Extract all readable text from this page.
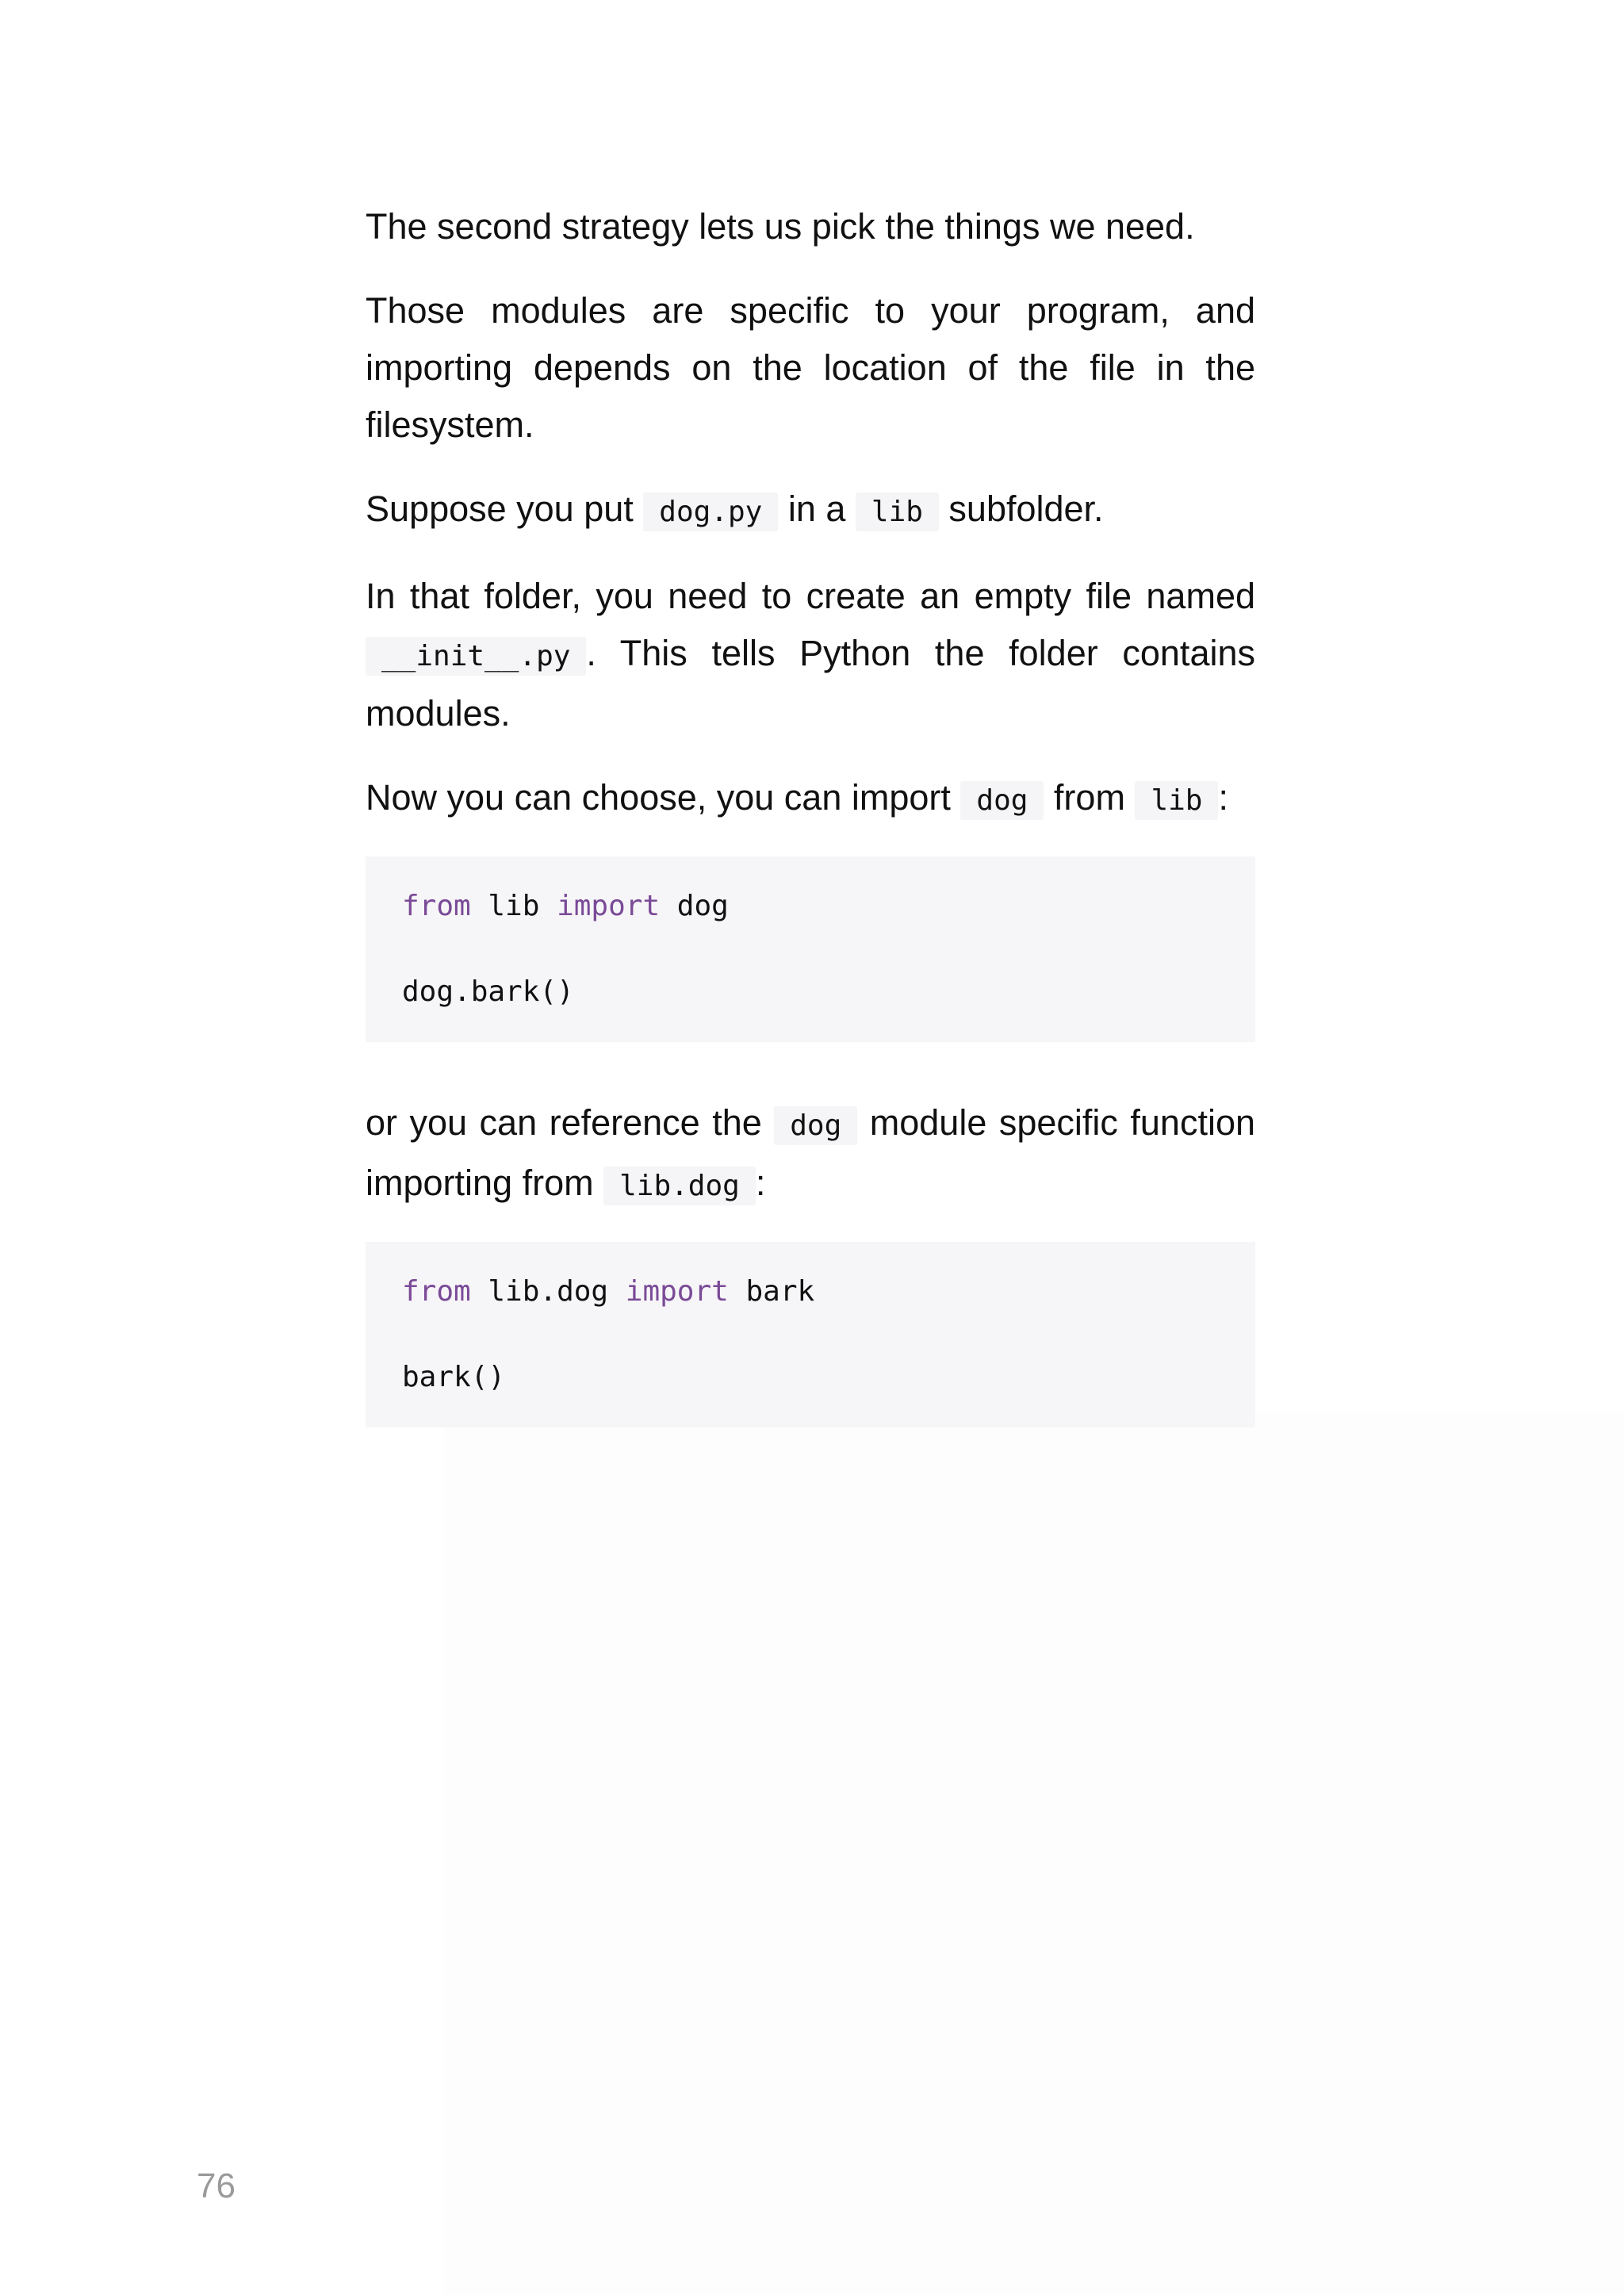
The second strategy lets us pick the things we need.

Those modules are specific to your program, and importing depends on the location of the file in the filesystem.

Suppose you put dog.py in a lib subfolder.

In that folder, you need to create an empty file named __init__.py . This tells Python the folder contains modules.

Now you can choose, you can import dog from lib :

from lib import dog
dog.bark()

or you can reference the dog module specific function importing from lib.dog :

from lib.dog import bark
bark()
76
